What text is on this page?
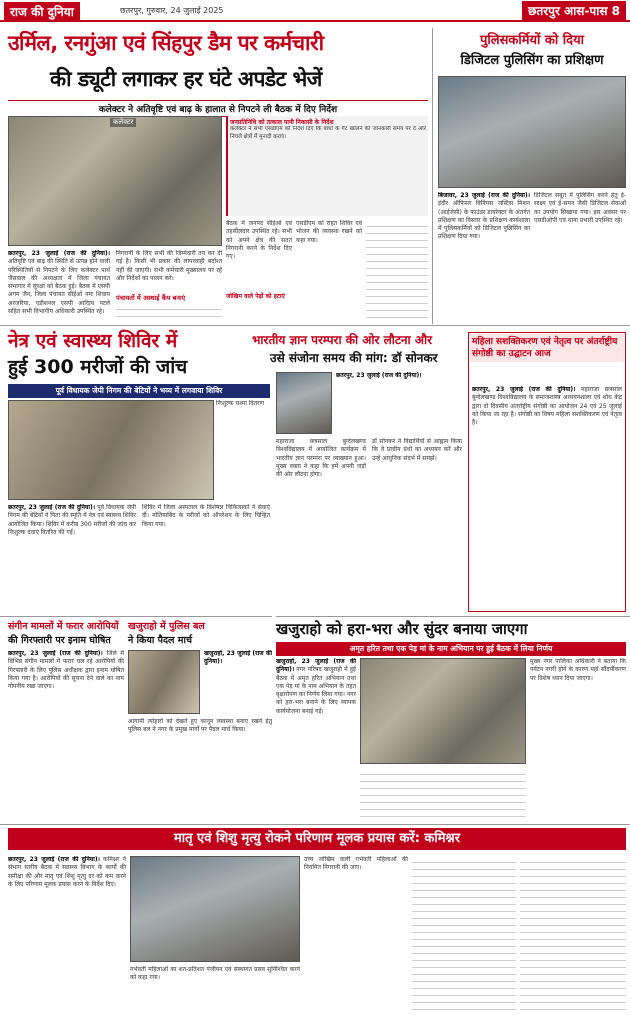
राज की दुनिया	छतरपुर, गुरुवार, 24 जुलाई 2025	छतरपुर आस-पास 8
उर्मिल, रनगुंआ एवं सिंहपुर डैम पर कर्मचारी
की ड्यूटी लगाकर हर घंटे अपडेट भेजें
कलेक्टर ने अतिवृष्टि एवं बाढ़ के हालात से निपटने ली बैठक में दिए निर्देश
कलेक्टर
छतरपुर, 23 जुलाई (राज की दुनिया)। अतिवृष्टि एवं बाढ़ की स्थिति से उत्पन्न होने वाली परिस्थितियों से निपटने के लिए कलेक्टर पार्थ जैसवाल की अध्यक्षता में जिला पंचायत सभागार में सुरक्षा को बैठक हुई। बैठक में एसपी अगम जैन, जिला पंचायत सीईओ नमः शिवाय अरजरिया, एडीशनल एसपी आदित्य पटले सहित सभी विभागीय अधिकारी उपस्थित रहे।
निगरानी के लिए सभी की जिम्मेदारी तय कर दी गई है। किसी भी प्रकार की लापरवाही बर्दाश्त नहीं की जाएगी। सभी कर्मचारी मुख्यालय पर रहें और निर्देशों का पालन करें।
पंचायतों में अस्थाई कैंप बनाएं
जनप्रतिनिधि को तत्काल पानी निकासी के निर्देश
कलेक्टर ने सभी एसडीएम को निर्देश दिए कि बांधों के गेट खोलने की जानकारी समय पर दें और निचले क्षेत्रों में मुनादी कराएं।
बैठक में जनपद सीईओ एवं तहसीलदार उपस्थित रहे। सभी को अपने क्षेत्र की सतत निगरानी करने के निर्देश दिए गए।
जोखिम वाले पेड़ों को हटाएं
एसडीएम को राहत शिविर एवं भोजन की व्यवस्था रखने को कहा गया।
पुलिसकर्मियों को दिया
डिजिटल पुलिसिंग का प्रशिक्षण
बिजावर, 23 जुलाई (राज की दुनिया)। इंदौर ऑफिसर विनियस जस्टिस मिशन (आईजेसी) के फाउंडर डायरेक्टर के अंतर्गत प्रशिक्षण का विस्तार के प्रशिक्षण कार्यशाला में पुलिसकर्मियों को डिजिटल पुलिसिंग का प्रशिक्षण दिया गया।
डिजिटल सबूत में पुलिसिंग करने हेतु ई-साक्ष्य एवं ई-समन जैसी डिजिटल सेवाओं का उपयोग सिखाया गया। इस अवसर पर एसडीओपी एवं थाना प्रभारी उपस्थित रहे।
नेत्र एवं स्वास्थ्य शिविर में
हुई 300 मरीजों की जांच
पूर्व विधायक जेपी निगम की बेटियों ने भव्य में लगवाया शिविर
निःशुल्क चश्मा वितरण
छतरपुर, 23 जुलाई (राज की दुनिया)। पूर्व विधायक जेपी निगम की बेटियों ने पिता की स्मृति में नेत्र एवं स्वास्थ्य शिविर आयोजित किया। शिविर में करीब 300 मरीजों की जांच कर निःशुल्क दवाएं वितरित की गईं।
शिविर में जिला अस्पताल के विशेषज्ञ चिकित्सकों ने सेवाएं दीं। मोतियाबिंद के मरीजों को ऑपरेशन के लिए चिन्हित किया गया।
भारतीय ज्ञान परम्परा की ओर लौटना और
उसे संजोना समय की मांग: डॉ सोनकर
छतरपुर, 23 जुलाई (राज की दुनिया)।
महाराजा छत्रसाल बुन्देलखण्ड विश्वविद्यालय में आयोजित कार्यक्रम में भारतीय ज्ञान परम्परा पर व्याख्यान हुआ। मुख्य वक्ता ने कहा कि हमें अपनी जड़ों की ओर लौटना होगा।
डॉ सोनकर ने विद्यार्थियों से आह्वान किया कि वे प्राचीन ग्रंथों का अध्ययन करें और उन्हें आधुनिक संदर्भ में समझें।
महिला सशक्तिकरण एवं नेतृत्व पर अंतर्राष्ट्रीय संगोष्ठी का उद्घाटन आज
छतरपुर, 23 जुलाई (राज की दुनिया)। महाराजा छत्रसाल बुन्देलखण्ड विश्वविद्यालय के समाजशास्त्र अध्ययनशाला एवं शोध केंद्र द्वारा दो दिवसीय अंतर्राष्ट्रीय संगोष्ठी का आयोजन 24 एवं 25 जुलाई को किया जा रहा है। संगोष्ठी का विषय महिला सशक्तिकरण एवं नेतृत्व है।
खजुराहो को हरा-भरा और सुंदर बनाया जाएगा
अमृत हरित तथा एक पेड़ मां के नाम अभियान पर हुई बैठक में लिया निर्णय
खजुराहो, 23 जुलाई (राज की दुनिया)। नगर परिषद खजुराहो में हुई बैठक में अमृत हरित अभियान तथा एक पेड़ मां के नाम अभियान के तहत वृक्षारोपण का निर्णय लिया गया। नगर को हरा-भरा बनाने के लिए व्यापक कार्ययोजना बनाई गई।
मुख्य नगर पालिका अधिकारी ने बताया कि पर्यटन नगरी होने के कारण यहां सौंदर्यीकरण पर विशेष ध्यान दिया जाएगा।
संगीन मामलों में फरार आरोपियों
की गिरफ्तारी पर इनाम घोषित
छतरपुर, 23 जुलाई (राज की दुनिया)। जिले में विभिन्न संगीन मामलों में फरार चल रहे आरोपियों की गिरफ्तारी के लिए पुलिस अधीक्षक द्वारा इनाम घोषित किया गया है। आरोपियों की सूचना देने वाले का नाम गोपनीय रखा जाएगा।
खजुराहो में पुलिस बल
ने किया पैदल मार्च
खजुराहो, 23 जुलाई (राज की दुनिया)।
आगामी त्योहारों को देखते हुए कानून व्यवस्था बनाए रखने हेतु पुलिस बल ने नगर के प्रमुख मार्गों पर पैदल मार्च किया।
मातृ एवं शिशु मृत्यु रोकने परिणाम मूलक प्रयास करें: कमिश्नर
छतरपुर, 23 जुलाई (राज की दुनिया)। कमिश्नर ने संभाग स्तरीय बैठक में स्वास्थ्य विभाग के कार्यों की समीक्षा की और मातृ एवं शिशु मृत्यु दर को कम करने के लिए परिणाम मूलक प्रयास करने के निर्देश दिए।
गर्भवती महिलाओं का शत-प्रतिशत पंजीयन एवं संस्थागत प्रसव सुनिश्चित करने को कहा गया।
उच्च जोखिम वाली गर्भवती महिलाओं की नियमित निगरानी की जाए।
